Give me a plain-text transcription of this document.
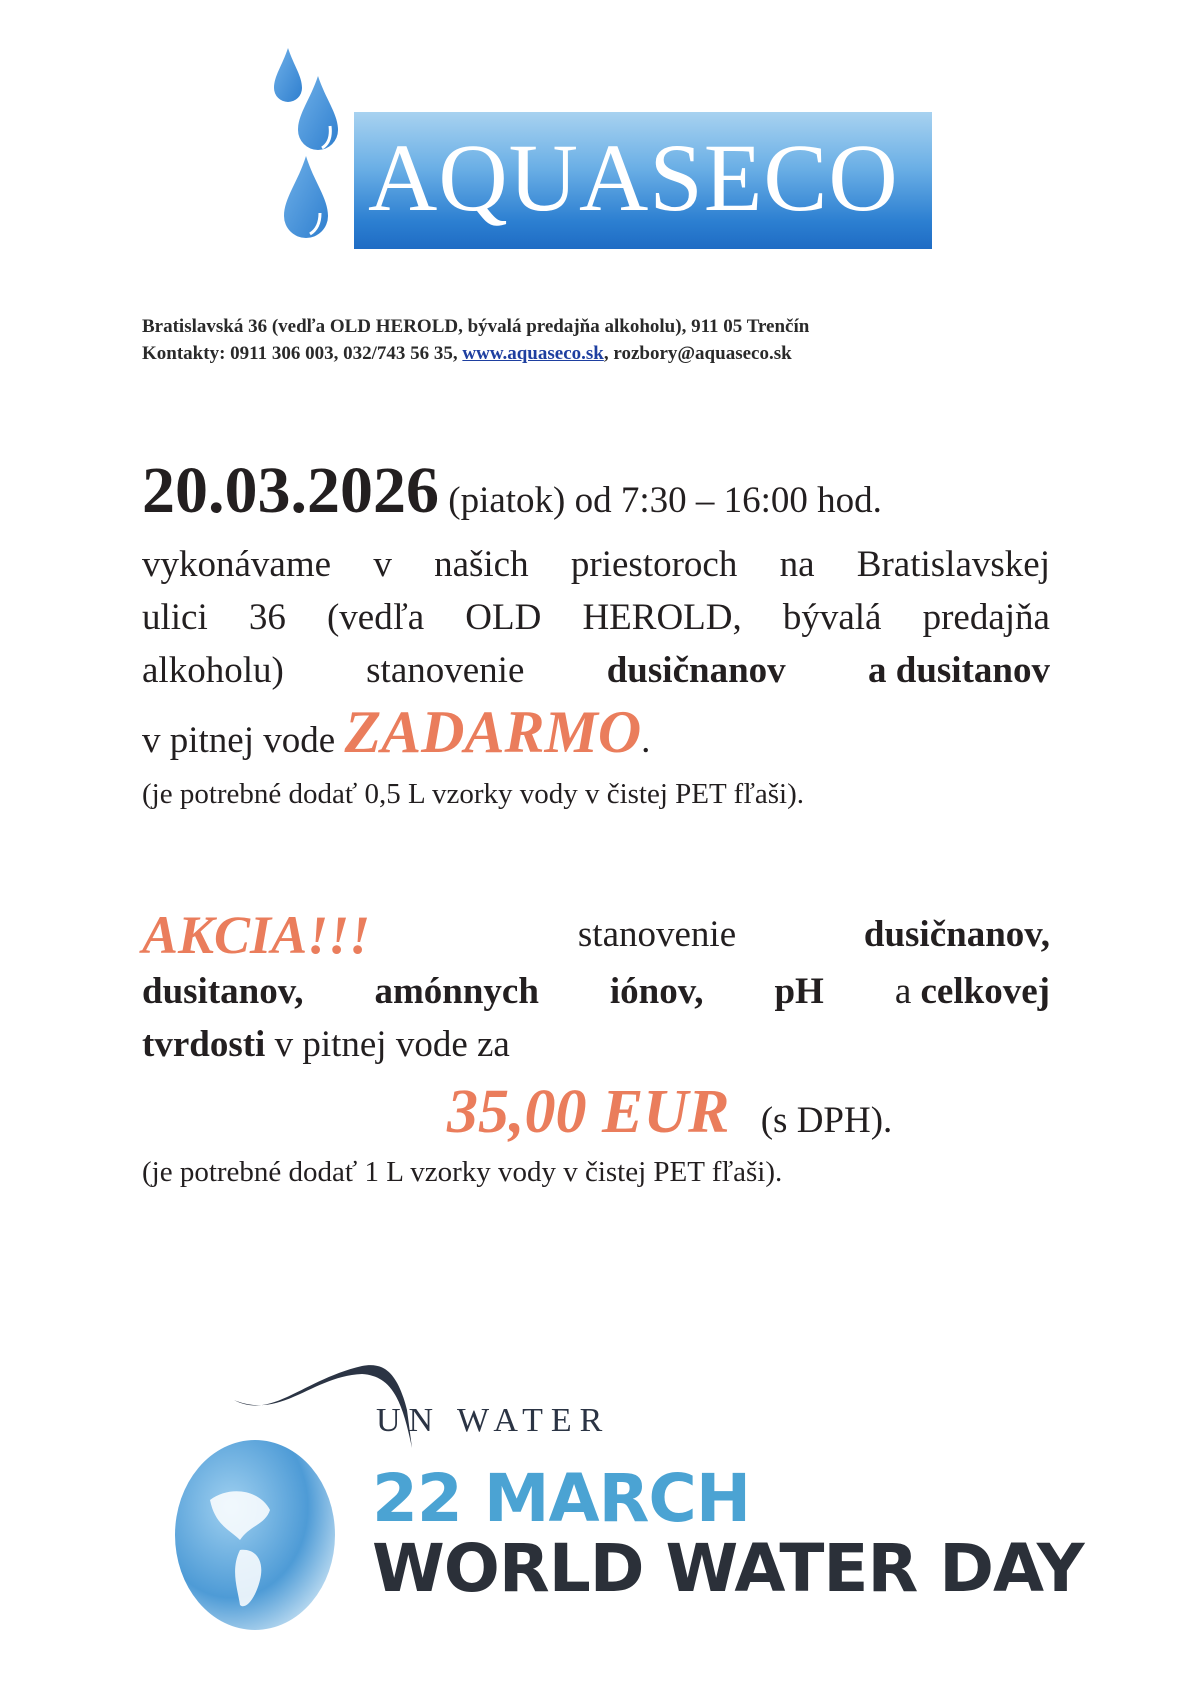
AQUASECO
Bratislavská 36 (vedľa OLD HEROLD, bývalá predajňa alkoholu), 911 05 Trenčín
Kontakty: 0911 306 003, 032/743 56 35, www.aquaseco.sk, rozbory@aquaseco.sk
20.03.2026 (piatok) od 7:30 – 16:00 hod.
vykonávame v našich priestoroch na Bratislavskej
ulici 36 (vedľa OLD HEROLD, bývalá predajňa
alkoholu) stanovenie dusičnanov a dusitanov
v pitnej vode ZADARMO.
(je potrebné dodať 0,5 L vzorky vody v čistej PET fľaši).
AKCIA!!!	stanovenie	dusičnanov,
dusitanov, amónnych iónov, pH a celkovej
tvrdosti v pitnej vode za
35,00 EUR (s DPH).
(je potrebné dodať 1 L vzorky vody v čistej PET fľaši).
UN WATER
22 MARCH
WORLD WATER DAY
